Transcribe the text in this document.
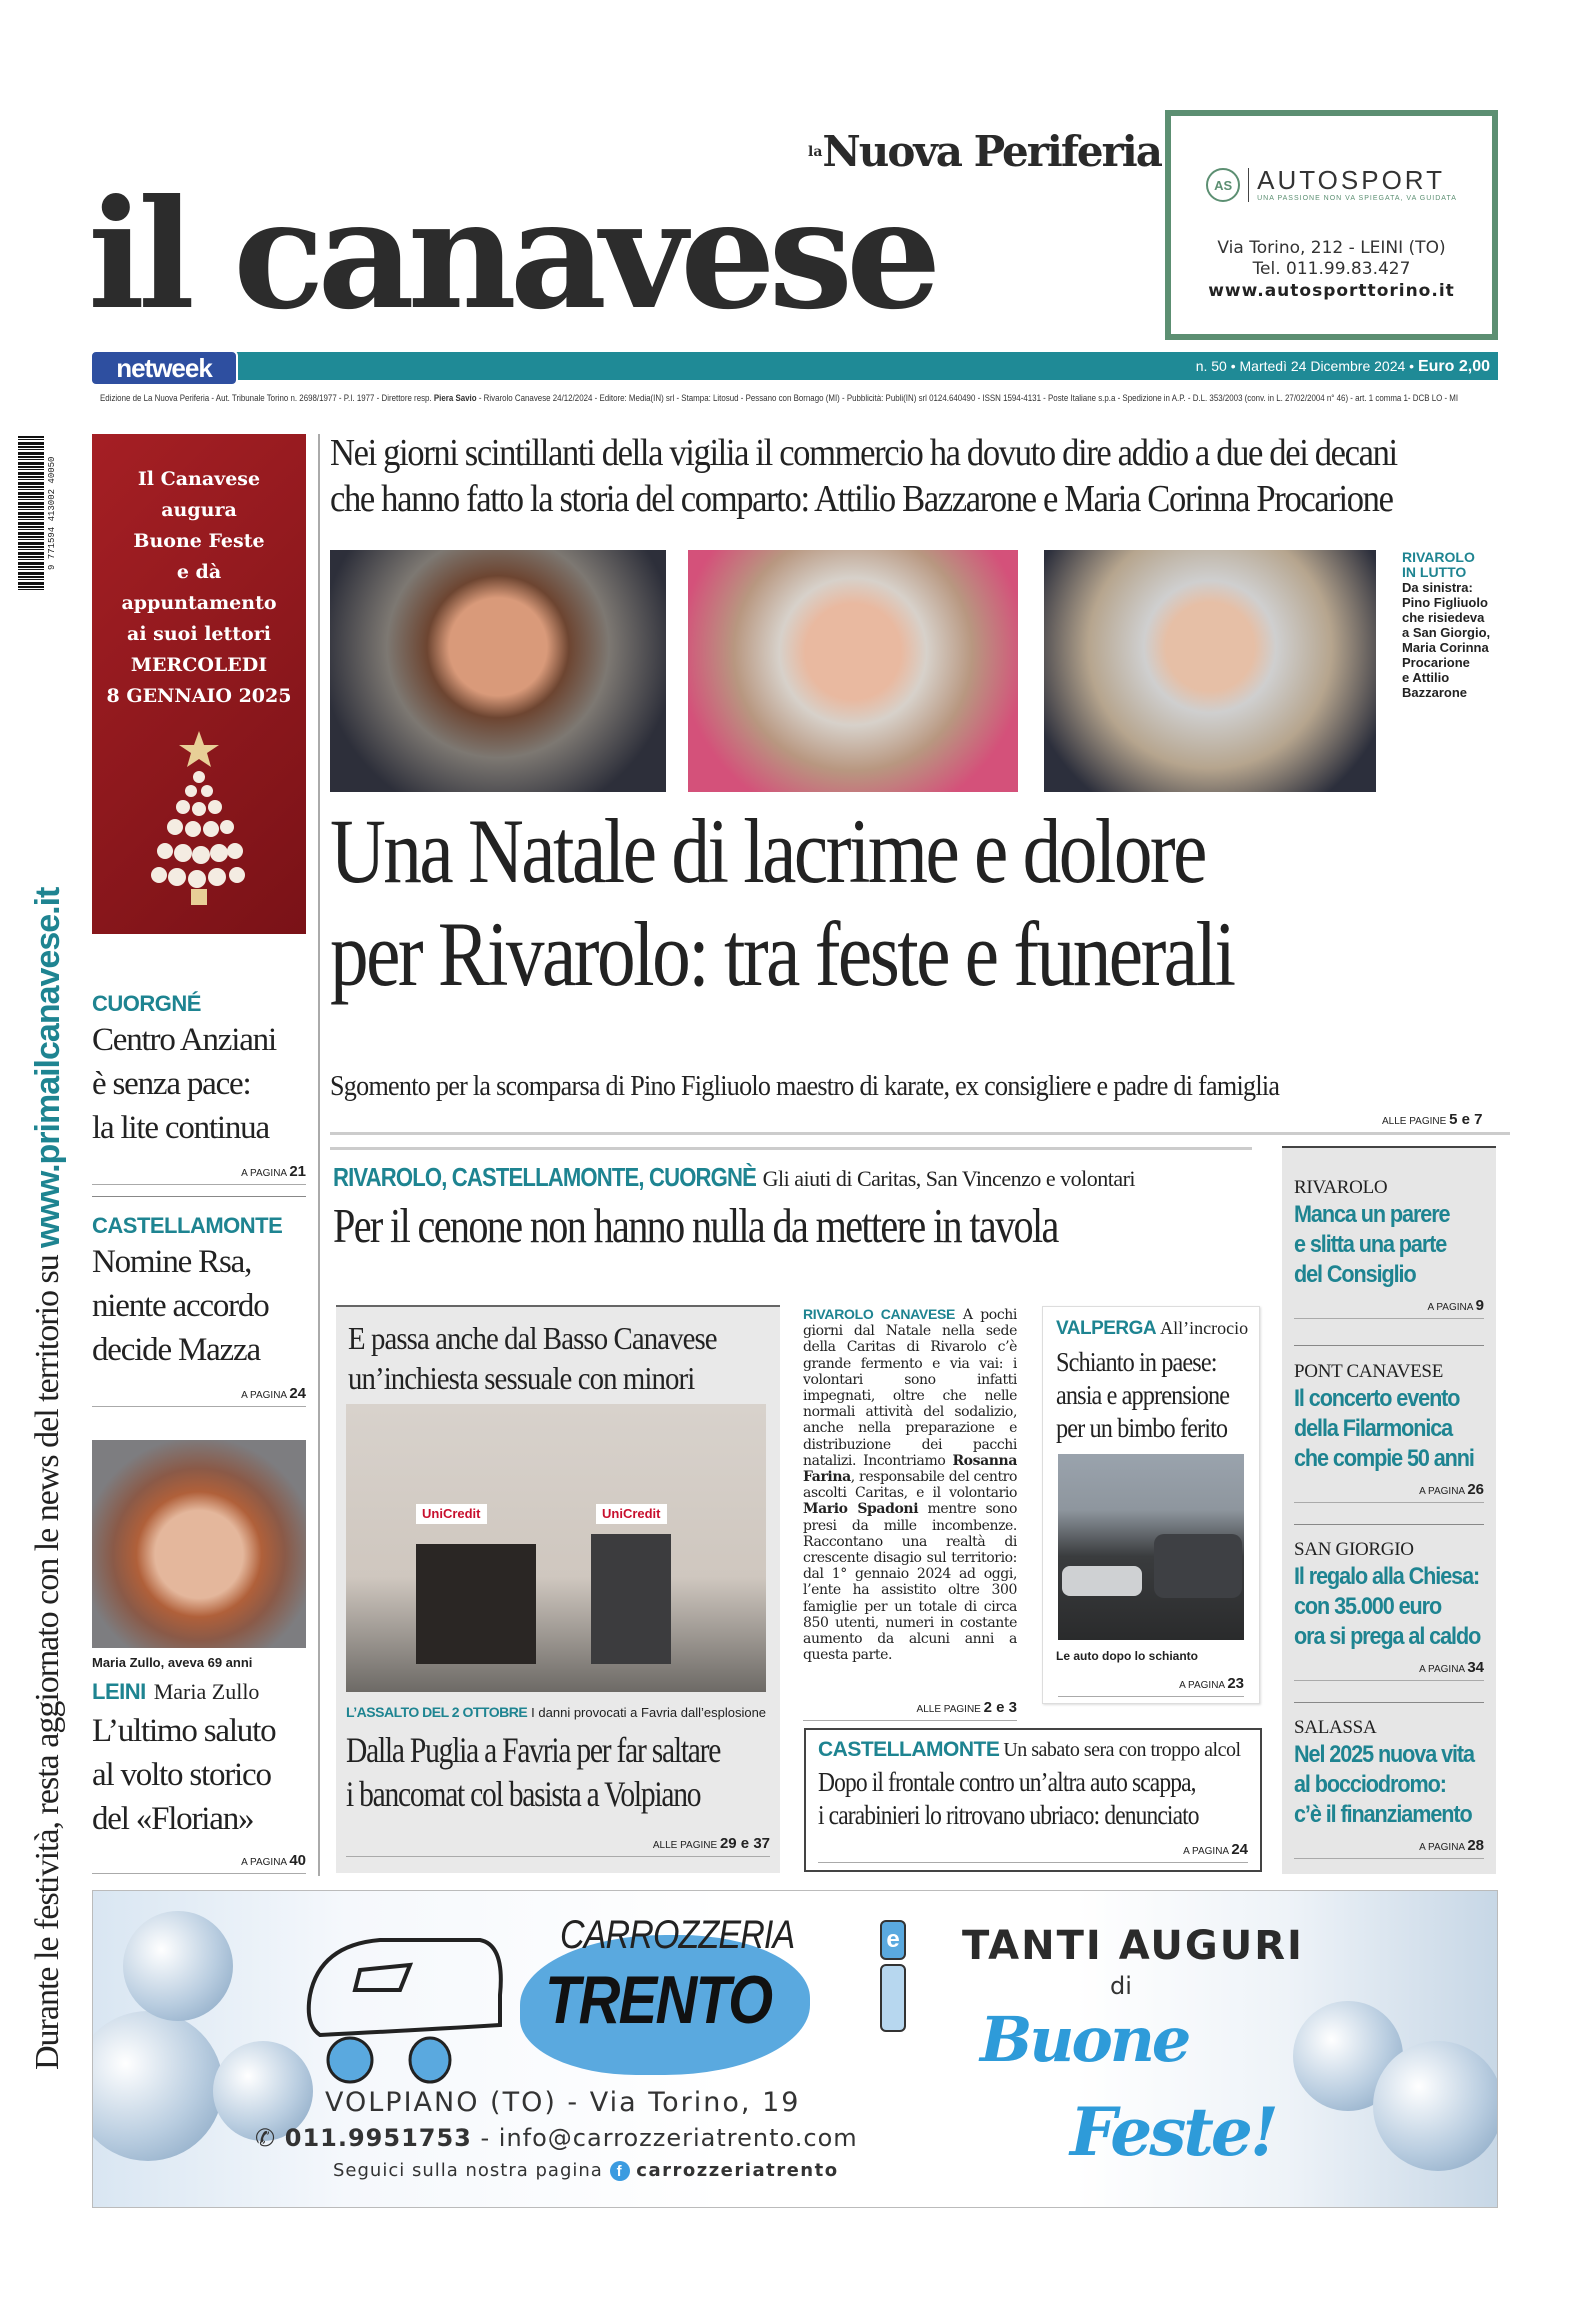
$^{la}$Nuova Periferia
il canavese	AS AUTOSPORT
UNA PASSIONE NON VA SPIEGATA, VA GUIDATA
Via Torino, 212 - LEINI (TO)
Tel. 011.99.83.427
www.autosporttorino.it
netweek	n. 50 • Martedì 24 Dicembre 2024 • Euro 2,00
Edizione de La Nuova Periferia - Aut. Tribunale Torino n. 2698/1977 - P.I. 1977 - Direttore resp. Piera Savio - Rivarolo Canavese 24/12/2024 - Editore: Media(IN) srl - Stampa: Litosud - Pessano con Bornago (MI) - Pubblicità: Publi(IN) srl 0124.640490 - ISSN 1594-4131 - Poste Italiane s.p.a - Spedizione in A.P. - D.L. 353/2003 (conv. in L. 27/02/2004 n° 46) - art. 1 comma 1- DCB LO - MI
9 771594 413002 40050
Durante le festività, resta aggiornato con le news del territorio su

www.primailcanavese.it
Il Canavese
augura
Buone Feste
e dà
appuntamento
ai suoi lettori
MERCOLEDI
8 GENNAIO 2025
CUORGNÉ
Centro Anziani
è senza pace:
la lite continua
A PAGINA 21
CASTELLAMONTE
Nomine Rsa,
niente accordo
decide Mazza
A PAGINA 24
Maria Zullo, aveva 69 anni
LEINI Maria Zullo
L’ultimo saluto
al volto storico
del «Florian»
A PAGINA 40
Nei giorni scintillanti della vigilia il commercio ha dovuto dire addio a due dei decani
che hanno fatto la storia del comparto: Attilio Bazzarone e Maria Corinna Procarione
RIVAROLO
IN LUTTO
Da sinistra:
Pino Figliuolo
che risiedeva
a San Giorgio,
Maria Corinna
Procarione
e Attilio
Bazzarone
Una Natale di lacrime e dolore
per Rivarolo: tra feste e funerali
Sgomento per la scomparsa di Pino Figliuolo maestro di karate, ex consigliere e padre di famiglia
ALLE PAGINE 5 e 7
RIVAROLO, CASTELLAMONTE, CUORGNÈ Gli aiuti di Caritas, San Vincenzo e volontari
Per il cenone non hanno nulla da mettere in tavola
E passa anche dal Basso Canavese
un’inchiesta sessuale con minori
UniCredit	UniCredit
L’ASSALTO DEL 2 OTTOBRE I danni provocati a Favria dall’esplosione
Dalla Puglia a Favria per far saltare
i bancomat col basista a Volpiano
ALLE PAGINE 29 e 37
RIVAROLO CANAVESE A pochi giorni dal Natale nella sede della Caritas di Rivarolo c’è grande fermento e via vai: i volontari sono infatti impegnati, oltre che nelle normali attività del sodalizio, anche nella preparazione e distribuzione dei pacchi natalizi. Incontriamo Rosanna Farina, responsabile del centro ascolti Caritas, e il volontario Mario Spadoni mentre sono presi da mille incombenze. Raccontano una realtà di crescente disagio sul territorio: dal 1° gennaio 2024 ad oggi, l’ente ha assistito oltre 300 famiglie per un totale di circa 850 utenti, numeri in costante aumento da alcuni anni a questa parte.
ALLE PAGINE 2 e 3
VALPERGA All’incrocio
Schianto in paese:
ansia e apprensione
per un bimbo ferito
Le auto dopo lo schianto
A PAGINA 23
CASTELLAMONTE Un sabato sera con troppo alcol
Dopo il frontale contro un’altra auto scappa,
i carabinieri lo ritrovano ubriaco: denunciato
A PAGINA 24
RIVAROLO
Manca un parere
e slitta una parte
del Consiglio
A PAGINA 9
PONT CANAVESE
Il concerto evento
della Filarmonica
che compie 50 anni
A PAGINA 26
SAN GIORGIO
Il regalo alla Chiesa:
con 35.000 euro
ora si prega al caldo
A PAGINA 34
SALASSA
Nel 2025 nuova vita
al bocciodromo:
c’è il finanziamento
A PAGINA 28
CARROZZERIA
TRENTO
e
VOLPIANO (TO) - Via Torino, 19
✆ 011.9951753 - info@carrozzeriatrento.com
Seguici sulla nostra pagina f carrozzeriatrento
TANTI AUGURI
di
Buone
Feste!
